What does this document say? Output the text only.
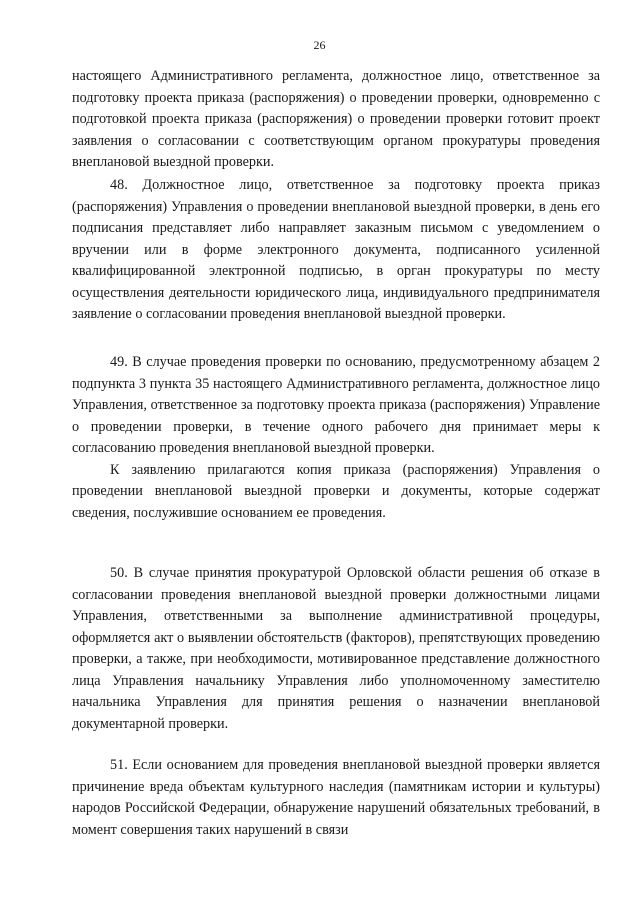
26

настоящего Административного регламента, должностное лицо, ответственное за подготовку проекта приказа (распоряжения) о проведении проверки, одновременно с подготовкой проекта приказа (распоряжения) о проведении проверки готовит проект заявления о согласовании с соответствующим органом прокуратуры проведения внеплановой выездной проверки.

48. Должностное лицо, ответственное за подготовку проекта приказ (распоряжения) Управления о проведении внеплановой выездной проверки, в день его подписания представляет либо направляет заказным письмом с уведомлением о вручении или в форме электронного документа, подписанного усиленной квалифицированной электронной подписью, в орган прокуратуры по месту осуществления деятельности юридического лица, индивидуального предпринимателя заявление о согласовании проведения внеплановой выездной проверки.

49. В случае проведения проверки по основанию, предусмотренному абзацем 2 подпункта 3 пункта 35 настоящего Административного регламента, должностное лицо Управления, ответственное за подготовку проекта приказа (распоряжения) Управление о проведении проверки, в течение одного рабочего дня принимает меры к согласованию проведения внеплановой выездной проверки.

К заявлению прилагаются копия приказа (распоряжения) Управления о проведении внеплановой выездной проверки и документы, которые содержат сведения, послужившие основанием ее проведения.

50. В случае принятия прокуратурой Орловской области решения об отказе в согласовании проведения внеплановой выездной проверки должностными лицами Управления, ответственными за выполнение административной процедуры, оформляется акт о выявлении обстоятельств (факторов), препятствующих проведению проверки, а также, при необходимости, мотивированное представление должностного лица Управления начальнику Управления либо уполномоченному заместителю начальника Управления для принятия решения о назначении внеплановой документарной проверки.

51. Если основанием для проведения внеплановой выездной проверки является причинение вреда объектам культурного наследия (памятникам истории и культуры) народов Российской Федерации, обнаружение нарушений обязательных требований, в момент совершения таких нарушений в связи
